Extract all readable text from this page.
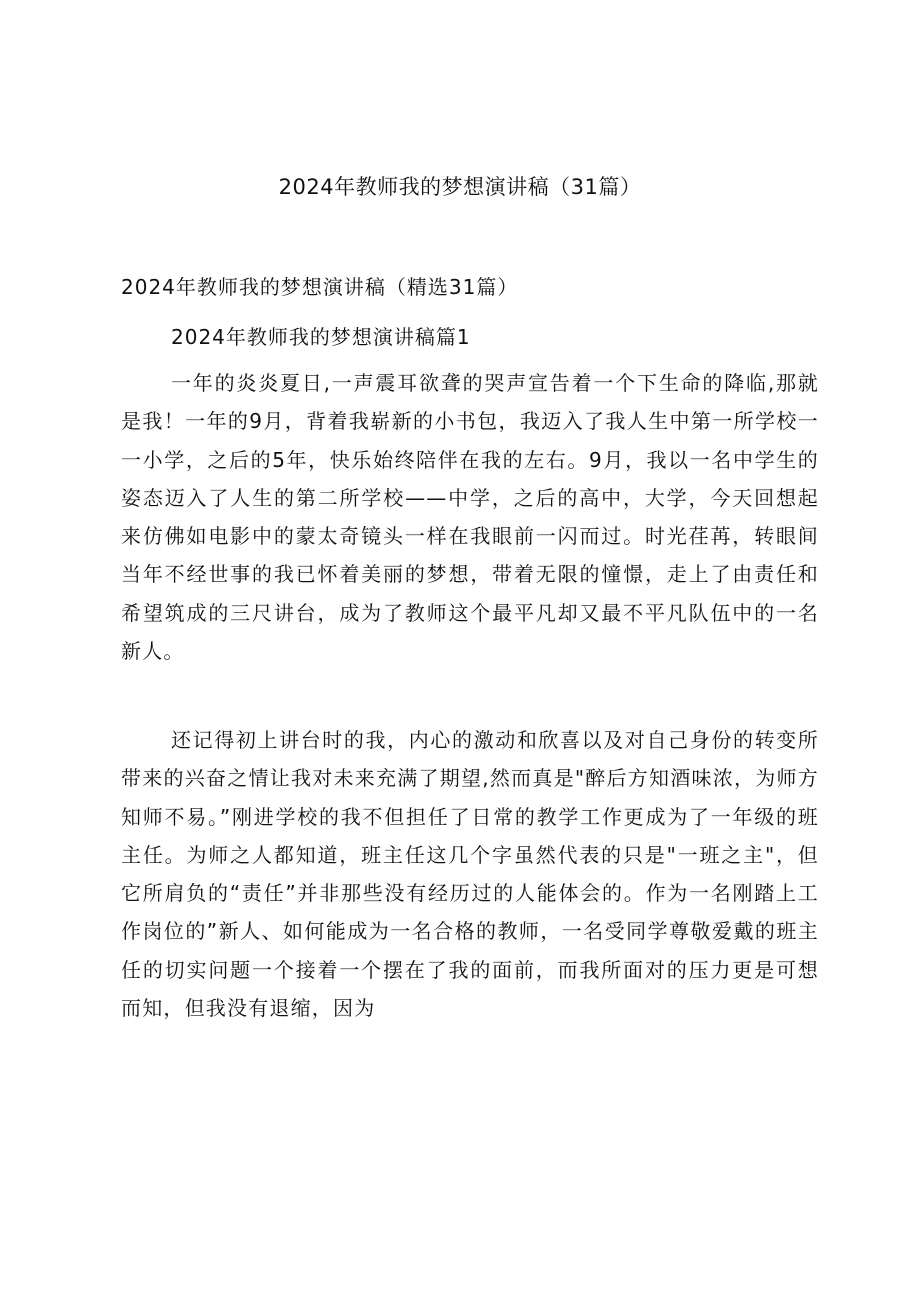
2024年教师我的梦想演讲稿（31篇）
2024年教师我的梦想演讲稿（精选31篇）
2024年教师我的梦想演讲稿篇1

一年的炎炎夏日,一声震耳欲聋的哭声宣告着一个下生命的降临,那就是我！一年的9月，背着我崭新的小书包，我迈入了我人生中第一所学校一一小学，之后的5年，快乐始终陪伴在我的左右。9月，我以一名中学生的姿态迈入了人生的第二所学校——中学，之后的高中，大学，今天回想起来仿佛如电影中的蒙太奇镜头一样在我眼前一闪而过。时光荏苒，转眼间当年不经世事的我已怀着美丽的梦想，带着无限的憧憬，走上了由责任和希望筑成的三尺讲台，成为了教师这个最平凡却又最不平凡队伍中的一名新人。

还记得初上讲台时的我，内心的激动和欣喜以及对自己身份的转变所带来的兴奋之情让我对未来充满了期望,然而真是"醉后方知酒味浓，为师方知师不易。”刚进学校的我不但担任了日常的教学工作更成为了一年级的班主任。为师之人都知道，班主任这几个字虽然代表的只是"一班之主"，但它所肩负的“责任”并非那些没有经历过的人能体会的。作为一名刚踏上工作岗位的”新人、如何能成为一名合格的教师，一名受同学尊敬爱戴的班主任的切实问题一个接着一个摆在了我的面前，而我所面对的压力更是可想而知，但我没有退缩，因为
